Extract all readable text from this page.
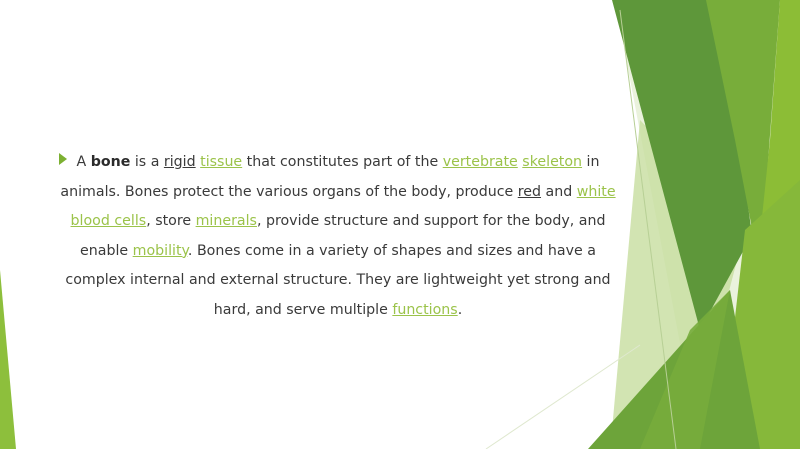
A bone is a rigid tissue that constitutes part of the vertebrate skeleton in animals. Bones protect the various organs of the body, produce red and white blood cells, store minerals, provide structure and support for the body, and enable mobility. Bones come in a variety of shapes and sizes and have a complex internal and external structure. They are lightweight yet strong and hard, and serve multiple functions.
